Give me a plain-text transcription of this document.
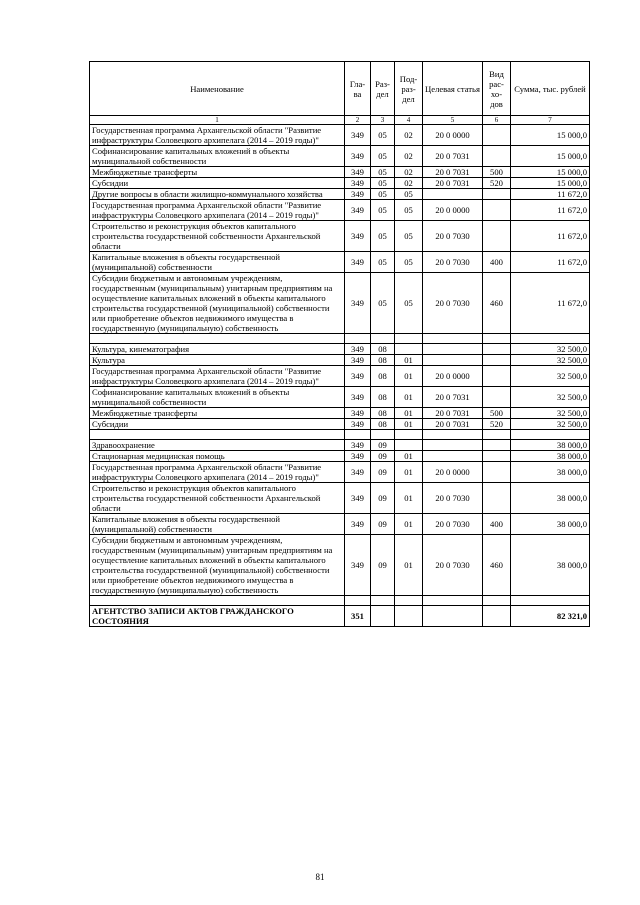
Наименование	Гла-ва	Раз-дел	Под-раз-дел	Целевая статья	Вид рас-хо-дов	Сумма, тыс. рублей
1	2	3	4	5	6	7
Государственная программа Архангельской области "Развитие инфраструктуры Соловецкого архипелага (2014 – 2019 годы)"	349	05	02	20 0 0000		15 000,0
Софинансирование капитальных вложений в объекты муниципальной собственности	349	05	02	20 0 7031		15 000,0
Межбюджетные трансферты	349	05	02	20 0 7031	500	15 000,0
Субсидии	349	05	02	20 0 7031	520	15 000,0
Другие вопросы в области жилищно-коммунального хозяйства	349	05	05			11 672,0
Государственная программа Архангельской области "Развитие инфраструктуры Соловецкого архипелага (2014 – 2019 годы)"	349	05	05	20 0 0000		11 672,0
Строительство и реконструкция объектов капитального строительства государственной собственности Архангельской области	349	05	05	20 0 7030		11 672,0
Капитальные вложения в объекты государственной (муниципальной) собственности	349	05	05	20 0 7030	400	11 672,0
Субсидии бюджетным и автономным учреждениям, государственным (муниципальным) унитарным предприятиям на осуществление капитальных вложений в объекты капитального строительства государственной (муниципальной) собственности или приобретение объектов недвижимого имущества в государственную (муниципальную) собственность	349	05	05	20 0 7030	460	11 672,0

Культура, кинематография	349	08				32 500,0
Культура	349	08	01			32 500,0
Государственная программа Архангельской области "Развитие инфраструктуры Соловецкого архипелага (2014 – 2019 годы)"	349	08	01	20 0 0000		32 500,0
Софинансирование капитальных вложений в объекты муниципальной собственности	349	08	01	20 0 7031		32 500,0
Межбюджетные трансферты	349	08	01	20 0 7031	500	32 500,0
Субсидии	349	08	01	20 0 7031	520	32 500,0

Здравоохранение	349	09				38 000,0
Стационарная медицинская помощь	349	09	01			38 000,0
Государственная программа Архангельской области "Развитие инфраструктуры Соловецкого архипелага (2014 – 2019 годы)"	349	09	01	20 0 0000		38 000,0
Строительство и реконструкция объектов капитального строительства государственной собственности Архангельской области	349	09	01	20 0 7030		38 000,0
Капитальные вложения в объекты государственной (муниципальной) собственности	349	09	01	20 0 7030	400	38 000,0
Субсидии бюджетным и автономным учреждениям, государственным (муниципальным) унитарным предприятиям на осуществление капитальных вложений в объекты капитального строительства государственной (муниципальной) собственности или приобретение объектов недвижимого имущества в государственную (муниципальную) собственность	349	09	01	20 0 7030	460	38 000,0

АГЕНТСТВО ЗАПИСИ АКТОВ ГРАЖДАНСКОГО СОСТОЯНИЯ	351					82 321,0
81
